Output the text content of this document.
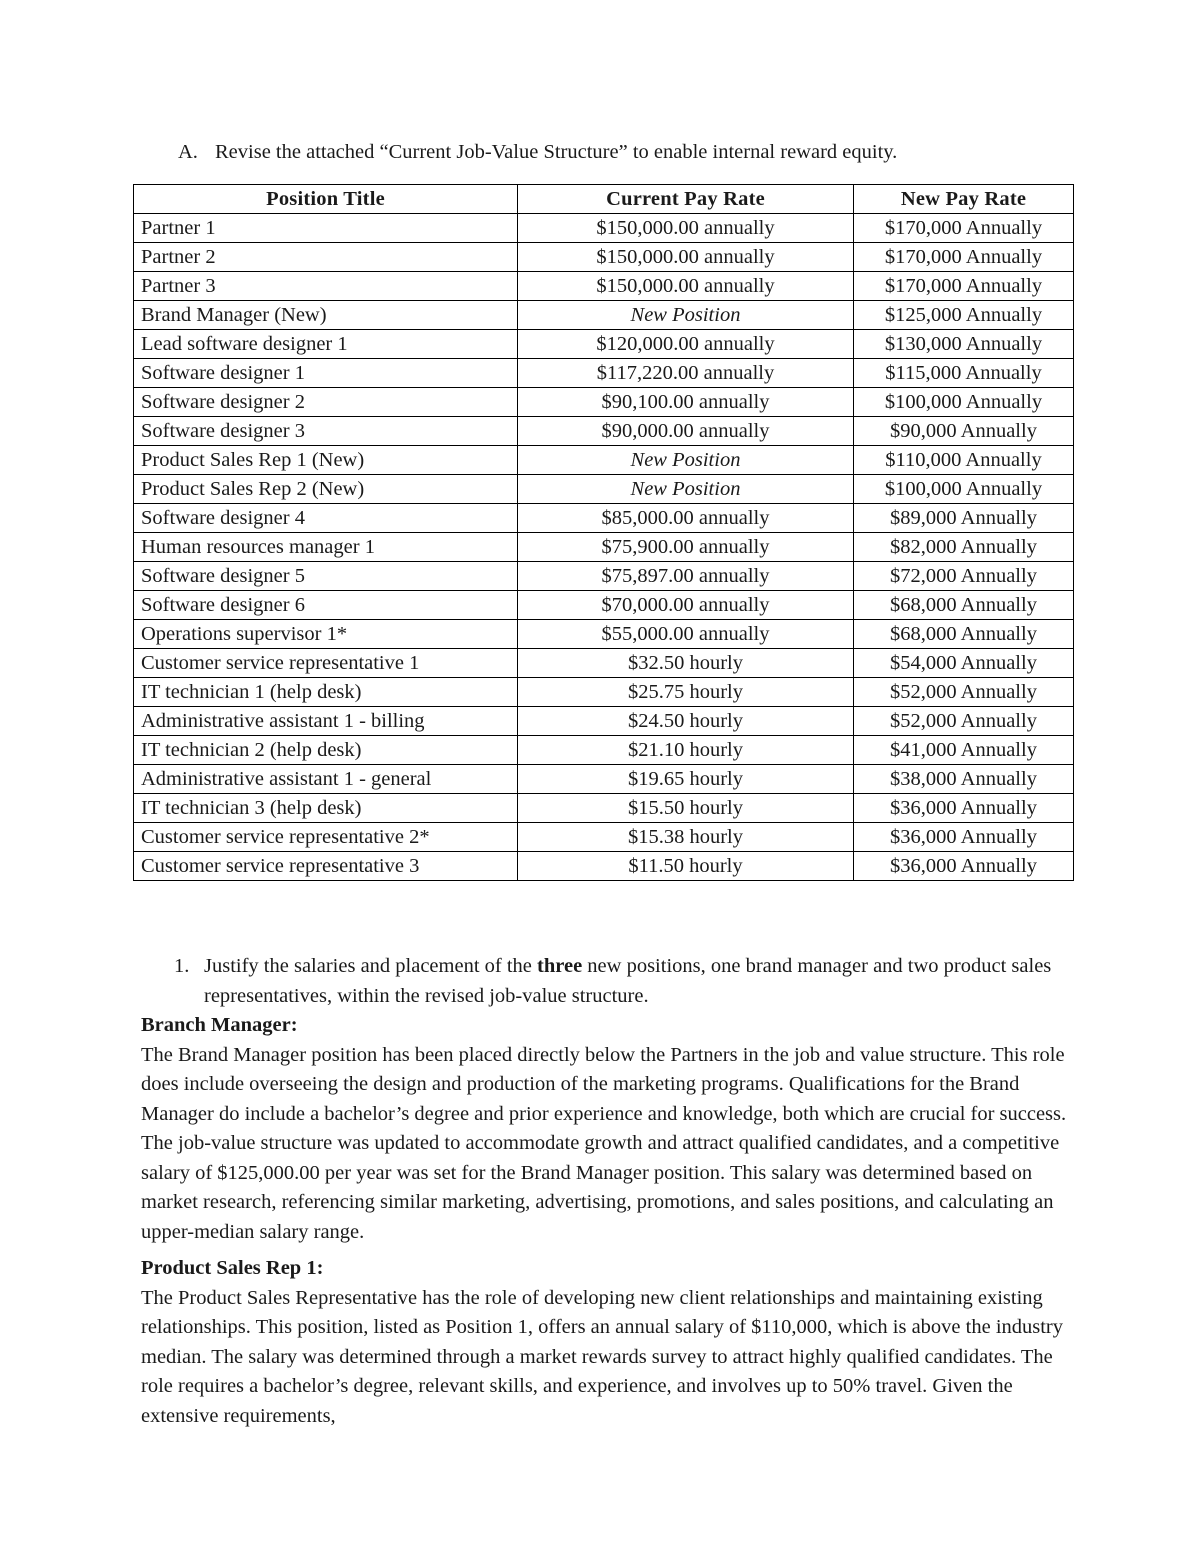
A. Revise the attached “Current Job-Value Structure” to enable internal reward equity.
Position Title	Current Pay Rate	New Pay Rate
Partner 1	$150,000.00 annually	$170,000 Annually
Partner 2	$150,000.00 annually	$170,000 Annually
Partner 3	$150,000.00 annually	$170,000 Annually
Brand Manager (New)	New Position	$125,000 Annually
Lead software designer 1	$120,000.00 annually	$130,000 Annually
Software designer 1	$117,220.00 annually	$115,000 Annually
Software designer 2	$90,100.00 annually	$100,000 Annually
Software designer 3	$90,000.00 annually	$90,000 Annually
Product Sales Rep 1 (New)	New Position	$110,000 Annually
Product Sales Rep 2 (New)	New Position	$100,000 Annually
Software designer 4	$85,000.00 annually	$89,000 Annually
Human resources manager 1	$75,900.00 annually	$82,000 Annually
Software designer 5	$75,897.00 annually	$72,000 Annually
Software designer 6	$70,000.00 annually	$68,000 Annually
Operations supervisor 1*	$55,000.00 annually	$68,000 Annually
Customer service representative 1	$32.50 hourly	$54,000 Annually
IT technician 1 (help desk)	$25.75 hourly	$52,000 Annually
Administrative assistant 1 - billing	$24.50 hourly	$52,000 Annually
IT technician 2 (help desk)	$21.10 hourly	$41,000 Annually
Administrative assistant 1 - general	$19.65 hourly	$38,000 Annually
IT technician 3 (help desk)	$15.50 hourly	$36,000 Annually
Customer service representative 2*	$15.38 hourly	$36,000 Annually
Customer service representative 3	$11.50 hourly	$36,000 Annually
1. Justify the salaries and placement of the three new positions, one brand manager and two product sales representatives, within the revised job-value structure.
Branch Manager:

The Brand Manager position has been placed directly below the Partners in the job and value structure. This role does include overseeing the design and production of the marketing programs. Qualifications for the Brand Manager do include a bachelor’s degree and prior experience and knowledge, both which are crucial for success. The job-value structure was updated to accommodate growth and attract qualified candidates, and a competitive salary of $125,000.00 per year was set for the Brand Manager position. This salary was determined based on market research, referencing similar marketing, advertising, promotions, and sales positions, and calculating an upper-median salary range.

Product Sales Rep 1:

The Product Sales Representative has the role of developing new client relationships and maintaining existing relationships. This position, listed as Position 1, offers an annual salary of $110,000, which is above the industry median. The salary was determined through a market rewards survey to attract highly qualified candidates. The role requires a bachelor’s degree, relevant skills, and experience, and involves up to 50% travel. Given the extensive requirements,
